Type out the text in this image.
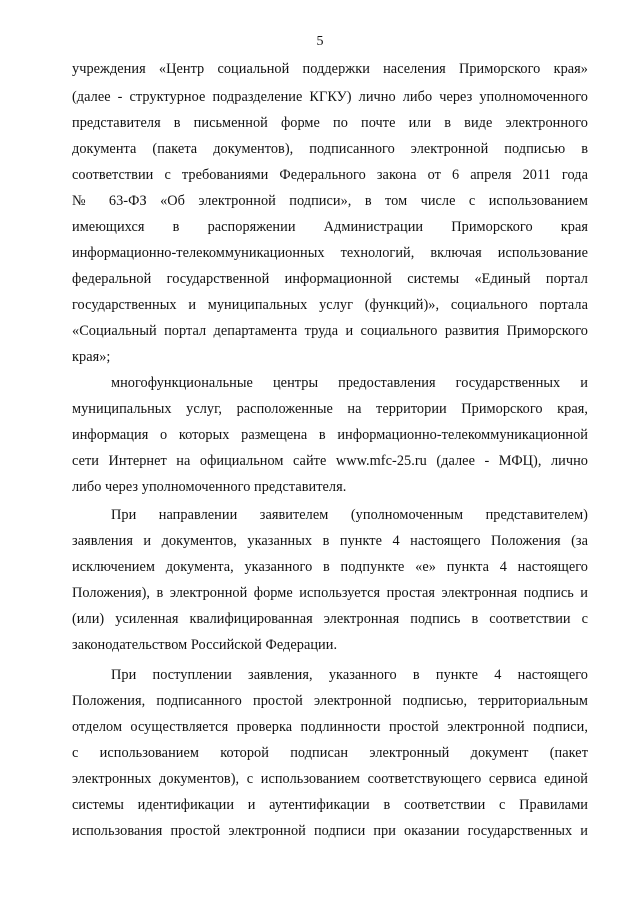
5
учреждения «Центр социальной поддержки населения Приморского края»
(далее - структурное подразделение КГКУ) лично либо через уполномоченного
представителя в письменной форме по почте или в виде электронного
документа (пакета документов), подписанного электронной подписью в
соответствии с требованиями Федерального закона от 6 апреля 2011 года
№ 63-ФЗ «Об электронной подписи», в том числе с использованием
имеющихся в распоряжении Администрации Приморского края
информационно-телекоммуникационных технологий, включая использование
федеральной государственной информационной системы «Единый портал
государственных и муниципальных услуг (функций)», социального портала
«Социальный портал департамента труда и социального развития Приморского
края»;
многофункциональные центры предоставления государственных и
муниципальных услуг, расположенные на территории Приморского края,
информация о которых размещена в информационно-телекоммуникационной
сети Интернет на официальном сайте www.mfc-25.ru (далее - МФЦ), лично
либо через уполномоченного представителя.
При направлении заявителем (уполномоченным представителем)
заявления и документов, указанных в пункте 4 настоящего Положения (за
исключением документа, указанного в подпункте «е» пункта 4 настоящего
Положения), в электронной форме используется простая электронная подпись и
(или) усиленная квалифицированная электронная подпись в соответствии с
законодательством Российской Федерации.
При поступлении заявления, указанного в пункте 4 настоящего
Положения, подписанного простой электронной подписью, территориальным
отделом осуществляется проверка подлинности простой электронной подписи,
с использованием которой подписан электронный документ (пакет
электронных документов), с использованием соответствующего сервиса единой
системы идентификации и аутентификации в соответствии с Правилами
использования простой электронной подписи при оказании государственных и
